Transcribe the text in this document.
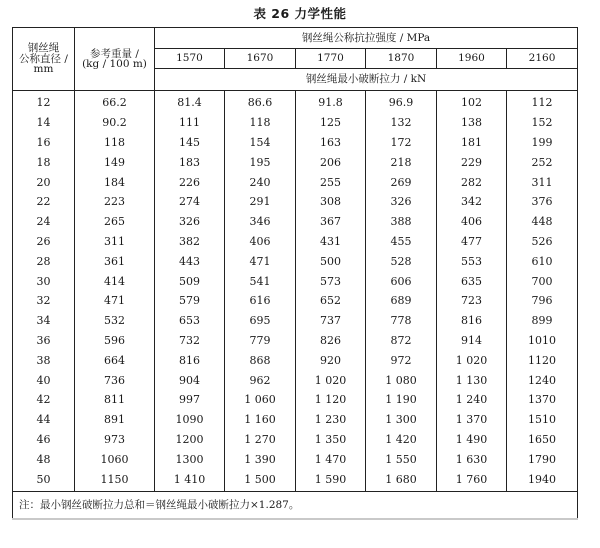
表 26 力学性能
钢丝绳
公称直径 /
mm	参考重量 /
(kg / 100 m)	钢丝绳公称抗拉强度 / MPa					
		1570	1670	1770	1870	1960	2160
		钢丝绳最小破断拉力 / kN					
12	66.2	81.4	86.6	91.8	96.9	102	112
14	90.2	111	118	125	132	138	152
16	118	145	154	163	172	181	199
18	149	183	195	206	218	229	252
20	184	226	240	255	269	282	311
22	223	274	291	308	326	342	376
24	265	326	346	367	388	406	448
26	311	382	406	431	455	477	526
28	361	443	471	500	528	553	610
30	414	509	541	573	606	635	700
32	471	579	616	652	689	723	796
34	532	653	695	737	778	816	899
36	596	732	779	826	872	914	1010
38	664	816	868	920	972	1 020	1120
40	736	904	962	1 020	1 080	1 130	1240
42	811	997	1 060	1 120	1 190	1 240	1370
44	891	1090	1 160	1 230	1 300	1 370	1510
46	973	1200	1 270	1 350	1 420	1 490	1650
48	1060	1300	1 390	1 470	1 550	1 630	1790
50	1150	1 410	1 500	1 590	1 680	1 760	1940
注：最小钢丝破断拉力总和＝钢丝绳最小破断拉力×1.287。							
